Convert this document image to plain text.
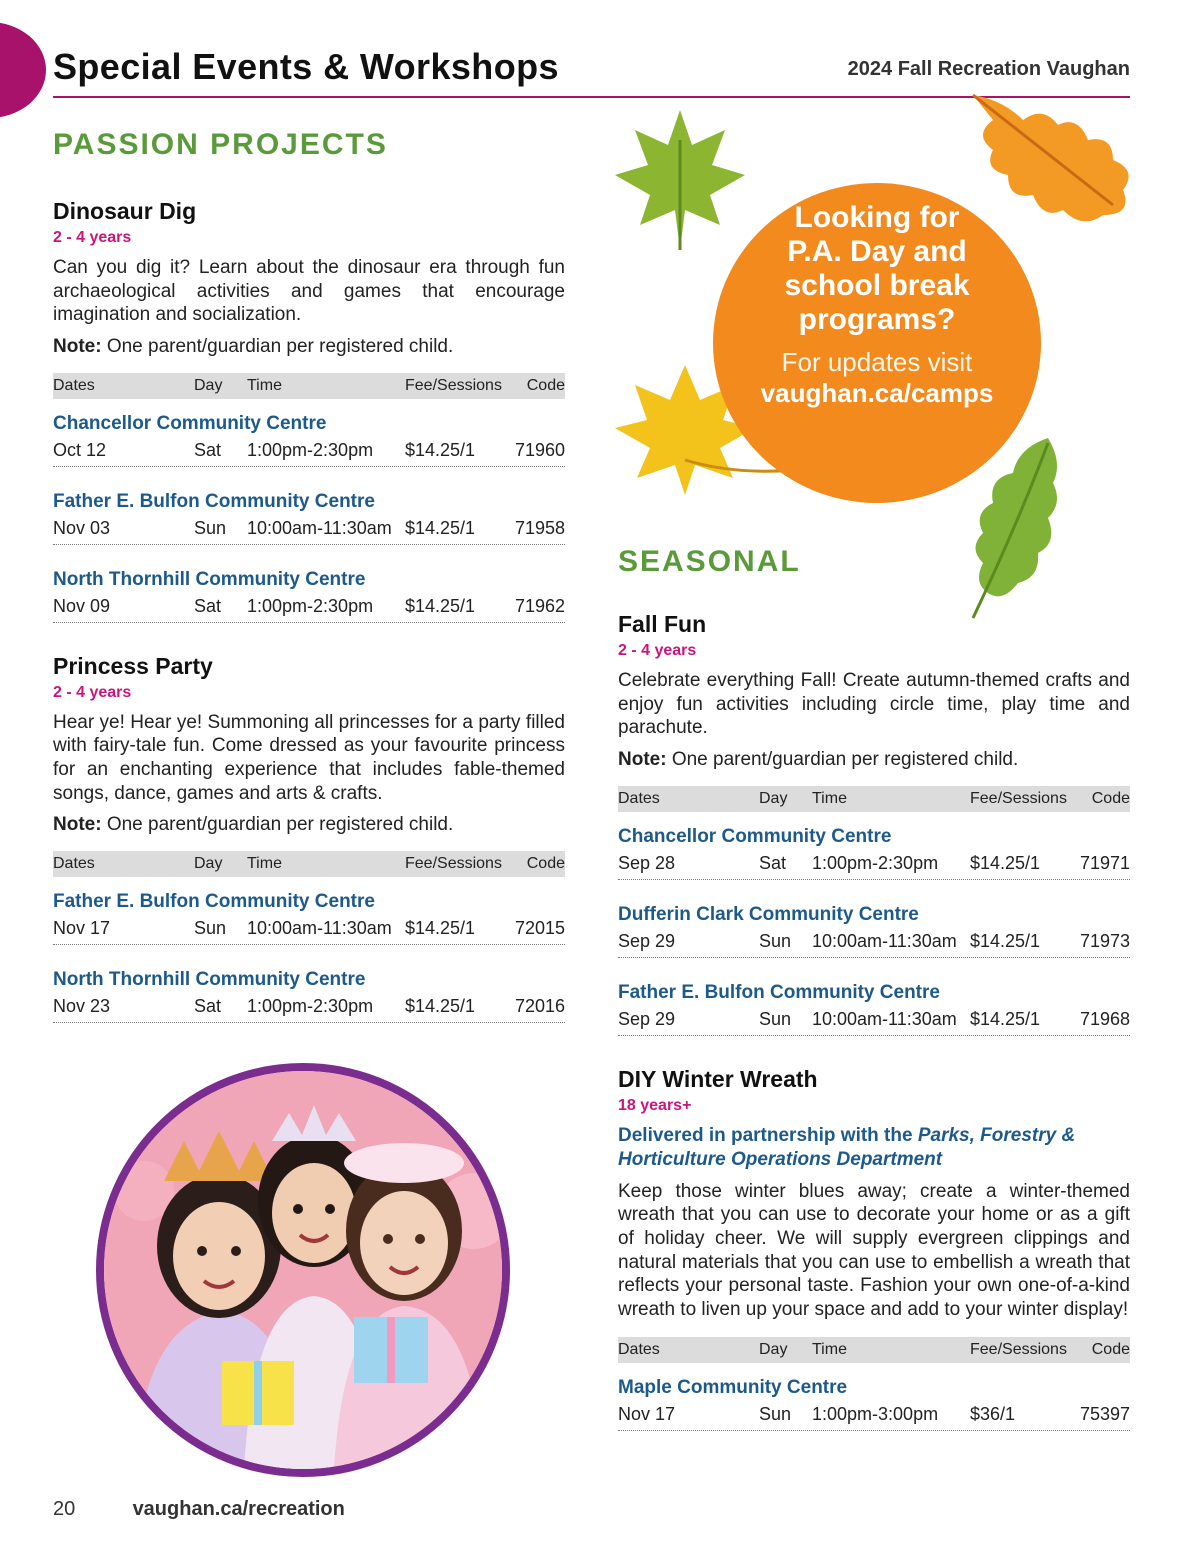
Special Events & Workshops	2024 Fall Recreation Vaughan
PASSION PROJECTS
Dinosaur Dig
2 - 4 years

Can you dig it? Learn about the dinosaur era through fun archaeological activities and games that encourage imagination and socialization.

Note: One parent/guardian per registered child.

Dates	Day Time	Fee/Sessions Code
Chancellor Community Centre
Oct 12	Sat 1:00pm-2:30pm $14.25/1 71960
Father E. Bulfon Community Centre
Nov 03	Sun 10:00am-11:30am $14.25/1 71958
North Thornhill Community Centre
Nov 09	Sat 1:00pm-2:30pm $14.25/1 71962
Princess Party
2 - 4 years

Hear ye! Hear ye! Summoning all princesses for a party filled with fairy-tale fun. Come dressed as your favourite princess for an enchanting experience that includes fable-themed songs, dance, games and arts & crafts.

Note: One parent/guardian per registered child.

Dates	Day Time	Fee/Sessions Code
Father E. Bulfon Community Centre
Nov 17	Sun 10:00am-11:30am $14.25/1 72015
North Thornhill Community Centre
Nov 23	Sat 1:00pm-2:30pm $14.25/1 72016
Looking for
P.A. Day and
school break
programs?
For updates visit
vaughan.ca/camps
SEASONAL
Fall Fun
2 - 4 years

Celebrate everything Fall! Create autumn-themed crafts and enjoy fun activities including circle time, play time and parachute.

Note: One parent/guardian per registered child.

Dates	Day Time	Fee/Sessions Code
Chancellor Community Centre
Sep 28	Sat 1:00pm-2:30pm $14.25/1 71971
Dufferin Clark Community Centre
Sep 29	Sun 10:00am-11:30am $14.25/1 71973
Father E. Bulfon Community Centre
Sep 29	Sun 10:00am-11:30am $14.25/1 71968
DIY Winter Wreath
18 years+

Delivered in partnership with the Parks, Forestry & Horticulture Operations Department

Keep those winter blues away; create a winter-themed wreath that you can use to decorate your home or as a gift of holiday cheer. We will supply evergreen clippings and natural materials that you can use to embellish a wreath that reflects your personal taste. Fashion your own one-of-a-kind wreath to liven up your space and add to your winter display!

Dates	Day Time	Fee/Sessions Code
Maple Community Centre
Nov 17	Sun 1:00pm-3:00pm $36/1	75397
20	vaughan.ca/recreation
